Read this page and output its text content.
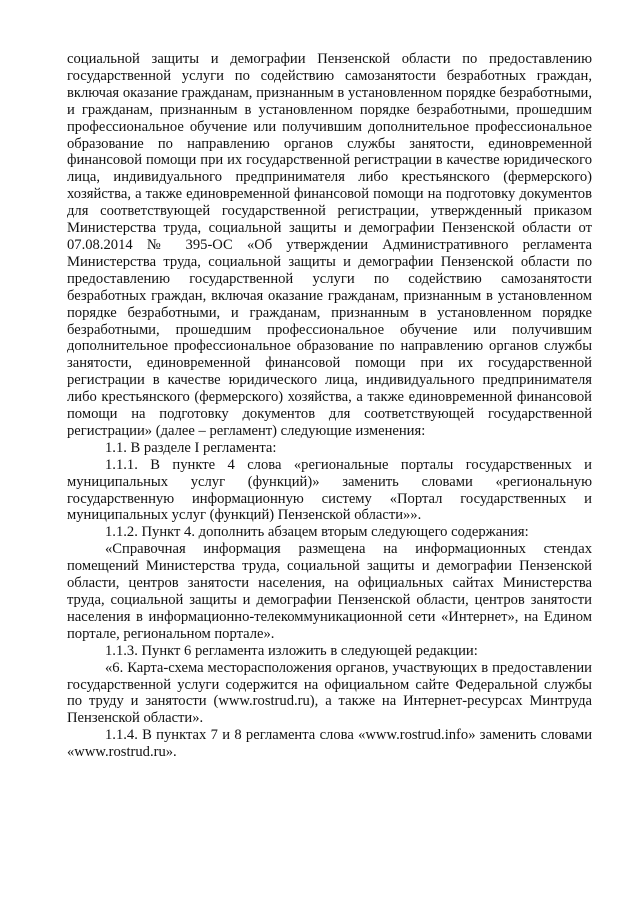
социальной защиты и демографии Пензенской области по предоставлению государственной услуги по содействию самозанятости безработных граждан, включая оказание гражданам, признанным в установленном порядке безработными, и гражданам, признанным в установленном порядке безработными, прошедшим профессиональное обучение или получившим дополнительное профессиональное образование по направлению органов службы занятости, единовременной финансовой помощи при их государственной регистрации в качестве юридического лица, индивидуального предпринимателя либо крестьянского (фермерского) хозяйства, а также единовременной финансовой помощи на подготовку документов для соответствующей государственной регистрации, утвержденный приказом Министерства труда, социальной защиты и демографии Пензенской области от 07.08.2014 № 395-ОС «Об утверждении Административного регламента Министерства труда, социальной защиты и демографии Пензенской области по предоставлению государственной услуги по содействию самозанятости безработных граждан, включая оказание гражданам, признанным в установленном порядке безработными, и гражданам, признанным в установленном порядке безработными, прошедшим профессиональное обучение или получившим дополнительное профессиональное образование по направлению органов службы занятости, единовременной финансовой помощи при их государственной регистрации в качестве юридического лица, индивидуального предпринимателя либо крестьянского (фермерского) хозяйства, а также единовременной финансовой помощи на подготовку документов для соответствующей государственной регистрации» (далее – регламент) следующие изменения:

1.1. В разделе I регламента:

1.1.1. В пункте 4 слова «региональные порталы государственных и муниципальных услуг (функций)» заменить словами «региональную государственную информационную систему «Портал государственных и муниципальных услуг (функций) Пензенской области»».

1.1.2. Пункт 4. дополнить абзацем вторым следующего содержания:

«Справочная информация размещена на информационных стендах помещений Министерства труда, социальной защиты и демографии Пензенской области, центров занятости населения, на официальных сайтах Министерства труда, социальной защиты и демографии Пензенской области, центров занятости населения в информационно-телекоммуникационной сети «Интернет», на Едином портале, региональном портале».

1.1.3. Пункт 6 регламента изложить в следующей редакции:

«6. Карта-схема месторасположения органов, участвующих в предоставлении государственной услуги содержится на официальном сайте Федеральной службы по труду и занятости (www.rostrud.ru), а также на Интернет-ресурсах Минтруда Пензенской области».

1.1.4. В пунктах 7 и 8 регламента слова «www.rostrud.info» заменить словами «www.rostrud.ru».
